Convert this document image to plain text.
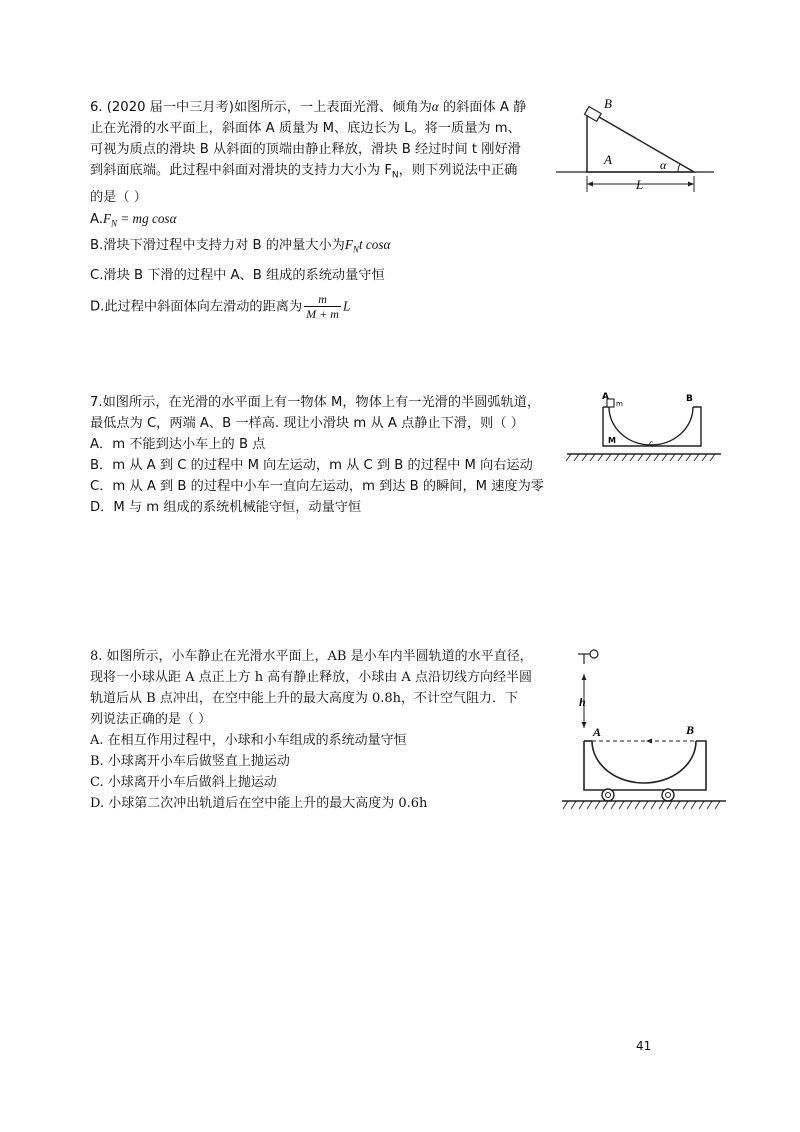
6. (2020 届一中三月考)如图所示，一上表面光滑、倾角为α 的斜面体 A 静

止在光滑的水平面上，斜面体 A 质量为 M、底边长为 L。将一质量为 m、

可视为质点的滑块 B 从斜面的顶端由静止释放，滑块 B 经过时间 t 刚好滑

到斜面底端。此过程中斜面对滑块的支持力大小为 $F_N$，则下列说法中正确

的是（ ）

$A.F_N$ = mg cosα

B.滑块下滑过程中支持力对 B 的冲量大小为$F_Nt$ cosα

C.滑块 B 下滑的过程中 A、B 组成的系统动量守恒

D.此过程中斜面体向左滑动的距离为 $\frac{m}{M + m}$ L

B
A	α
L

7.如图所示，在光滑的水平面上有一物体 M，物体上有一光滑的半圆弧轨道，

最低点为 C，两端 A、B 一样高. 现让小滑块 m 从 A 点静止下滑，则（ ）

A．m 不能到达小车上的 B 点

B．m 从 A 到 C 的过程中 M 向左运动，m 从 C 到 B 的过程中 M 向右运动

C．m 从 A 到 B 的过程中小车一直向左运动，m 到达 B 的瞬间，M 速度为零

D．M 与 m 组成的系统机械能守恒，动量守恒

A
m	B
M	c

8. 如图所示，小车静止在光滑水平面上，AB 是小车内半圆轨道的水平直径，

现将一小球从距 A 点正上方 h 高有静止释放，小球由 A 点沿切线方向经半圆

轨道后从 B 点冲出，在空中能上升的最大高度为 0.8h，不计空气阻力．下

列说法正确的是（ ）

A. 在相互作用过程中，小球和小车组成的系统动量守恒

B. 小球离开小车后做竖直上抛运动

C. 小球离开小车后做斜上抛运动

D. 小球第二次冲出轨道后在空中能上升的最大高度为 0.6h

h
A	B
41
